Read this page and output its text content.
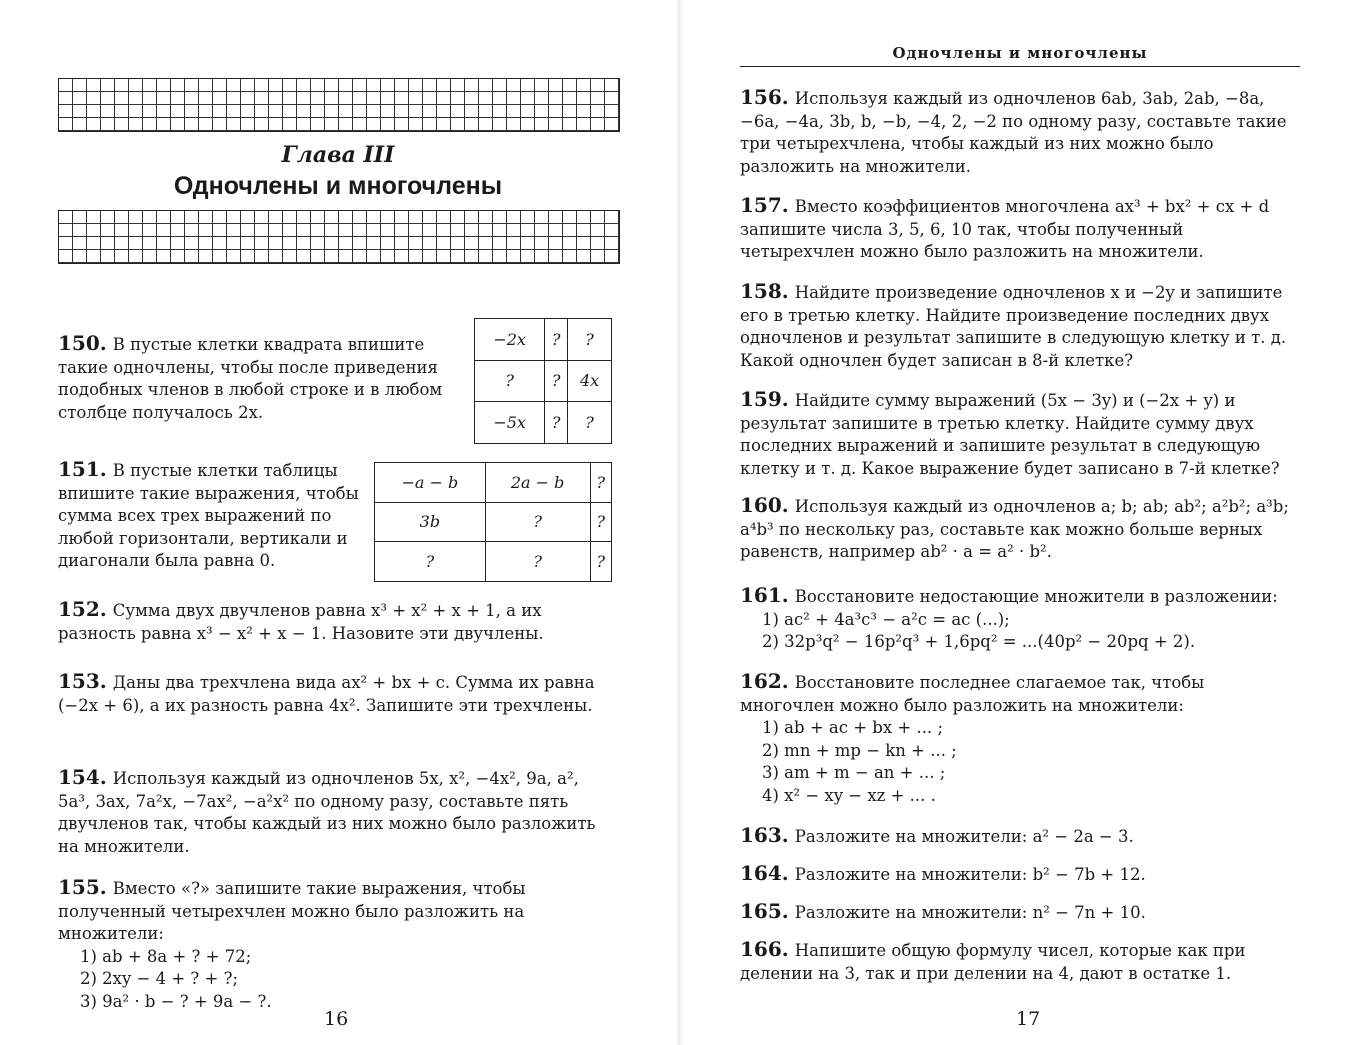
Глава III
Одночлены и многочлены
150. В пустые клетки квадрата впишите такие одночлены, чтобы после приведения подобных членов в любой строке и в любом столбце получалось 2x.
−2x	?	?
?	?	4x
−5x	?	?
151. В пустые клетки таблицы впишите такие выражения, чтобы сумма всех трех выражений по любой горизонтали, вертикали и диагонали была равна 0.
−a − b	2a − b	?
3b	?	?
?	?	?
152. Сумма двух двучленов равна x³ + x² + x + 1, а их разность равна x³ − x² + x − 1. Назовите эти двучлены.
153. Даны два трехчлена вида ax² + bx + c. Сумма их равна (−2x + 6), а их разность равна 4x². Запишите эти трехчлены.
154. Используя каждый из одночленов 5x, x², −4x², 9a, a², 5a³, 3ax, 7a²x, −7ax², −a²x² по одному разу, составьте пять двучленов так, чтобы каждый из них можно было разложить на множители.

155. Вместо «?» запишите такие выражения, чтобы полученный четырехчлен можно было разложить на множители:

1) ab + 8a + ? + 72;
2) 2xy − 4 + ? + ?;
3) 9a² · b − ? + 9a − ?.
16
Одночлены и многочлены
156. Используя каждый из одночленов 6ab, 3ab, 2ab, −8a, −6a, −4a, 3b, b, −b, −4, 2, −2 по одному разу, составьте такие три четырехчлена, чтобы каждый из них можно было разложить на множители.
157. Вместо коэффициентов многочлена ax³ + bx² + cx + d запишите числа 3, 5, 6, 10 так, чтобы полученный четырехчлен можно было разложить на множители.
158. Найдите произведение одночленов x и −2y и запишите его в третью клетку. Найдите произведение последних двух одночленов и результат запишите в следующую клетку и т. д. Какой одночлен будет записан в 8-й клетке?
159. Найдите сумму выражений (5x − 3y) и (−2x + y) и результат запишите в третью клетку. Найдите сумму двух последних выражений и запишите результат в следующую клетку и т. д. Какое выражение будет записано в 7-й клетке?
160. Используя каждый из одночленов a; b; ab; ab²; a²b²; a³b; a⁴b³ по нескольку раз, составьте как можно больше верных равенств, например ab² · a = a² · b².

161. Восстановите недостающие множители в разложении:

1) ac² + 4a³c³ − a²c = ac (...);
2) 32p³q² − 16p²q³ + 1,6pq² = ...(40p² − 20pq + 2).

162. Восстановите последнее слагаемое так, чтобы многочлен можно было разложить на множители:

1) ab + ac + bx + ... ;
2) mn + mp − kn + ... ;
3) am + m − an + ... ;
4) x² − xy − xz + ... .
163. Разложите на множители: a² − 2a − 3.
164. Разложите на множители: b² − 7b + 12.
165. Разложите на множители: n² − 7n + 10.
166. Напишите общую формулу чисел, которые как при делении на 3, так и при делении на 4, дают в остатке 1.
17
